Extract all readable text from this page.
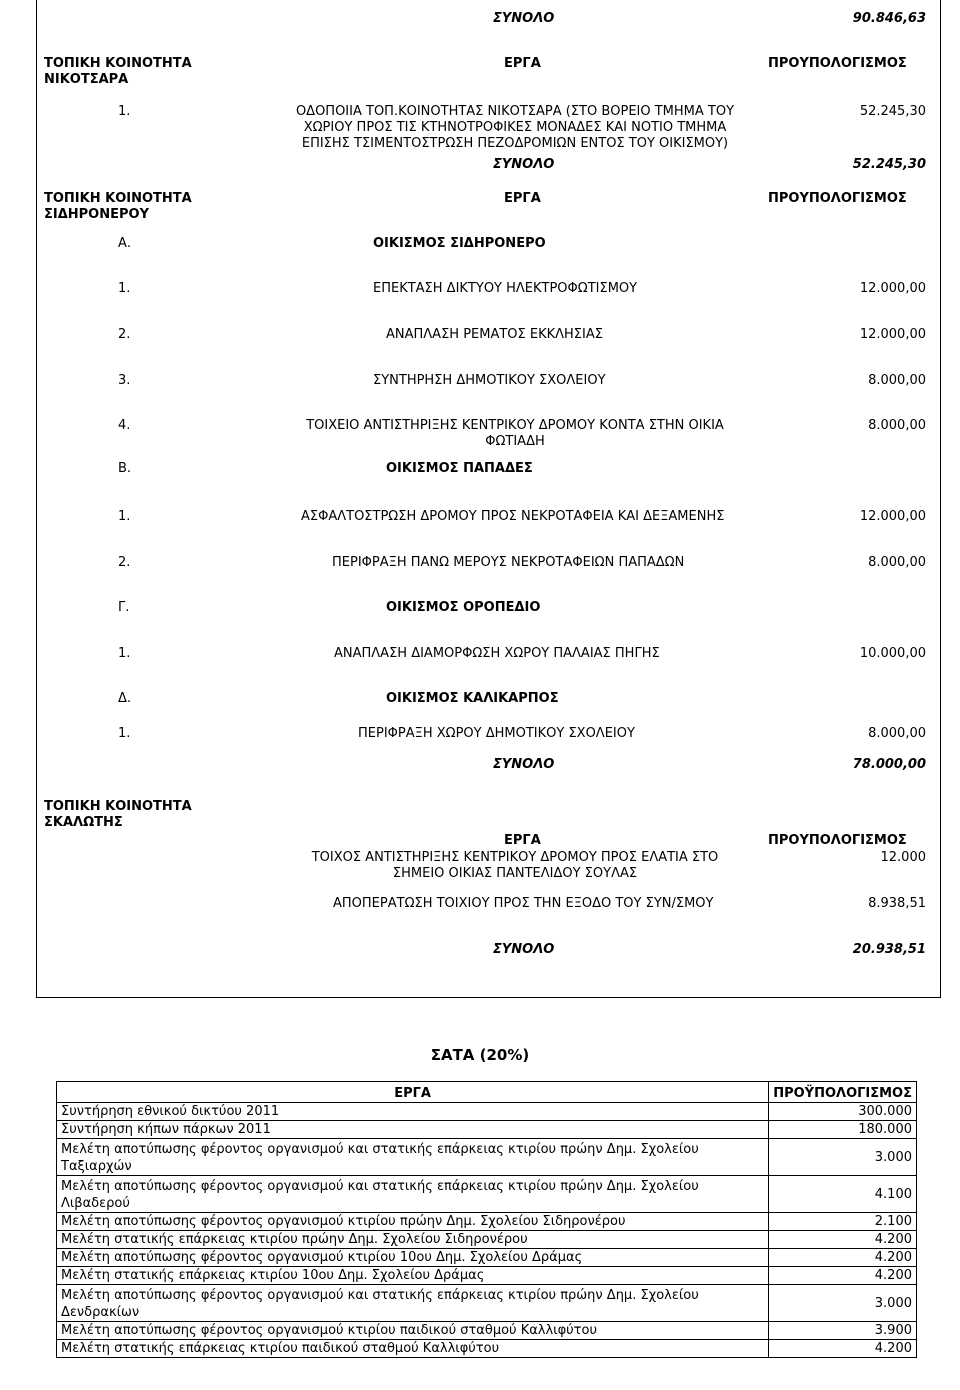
ΣΥΝΟΛΟ	90.846,63
ΤΟΠΙΚΗ ΚΟΙΝΟΤΗΤΑ
ΝΙΚΟΤΣΑΡΑ
ΕΡΓΑ	ΠΡΟΥΠΟΛΟΓΙΣΜΟΣ
1.	ΟΔΟΠΟΙΙΑ ΤΟΠ.ΚΟΙΝΟΤΗΤΑΣ ΝΙΚΟΤΣΑΡΑ (ΣΤΟ ΒΟΡΕΙΟ ΤΜΗΜΑ ΤΟΥ
ΧΩΡΙΟΥ ΠΡΟΣ ΤΙΣ ΚΤΗΝΟΤΡΟΦΙΚΕΣ ΜΟΝΑΔΕΣ ΚΑΙ ΝΟΤΙΟ ΤΜΗΜΑ
ΕΠΙΣΗΣ ΤΣΙΜΕΝΤΟΣΤΡΩΣΗ ΠΕΖΟΔΡΟΜΙΩΝ ΕΝΤΟΣ ΤΟΥ ΟΙΚΙΣΜΟΥ)
52.245,30
ΣΥΝΟΛΟ	52.245,30
ΤΟΠΙΚΗ ΚΟΙΝΟΤΗΤΑ
ΣΙΔΗΡΟΝΕΡΟΥ
ΕΡΓΑ	ΠΡΟΥΠΟΛΟΓΙΣΜΟΣ
Α.	ΟΙΚΙΣΜΟΣ ΣΙΔΗΡΟΝΕΡΟ
1.	ΕΠΕΚΤΑΣΗ ΔΙΚΤΥΟΥ ΗΛΕΚΤΡΟΦΩΤΙΣΜΟΥ	12.000,00
2.	ΑΝΑΠΛΑΣΗ ΡΕΜΑΤΟΣ ΕΚΚΛΗΣΙΑΣ	12.000,00
3.	ΣΥΝΤΗΡΗΣΗ ΔΗΜΟΤΙΚΟΥ ΣΧΟΛΕΙΟΥ	8.000,00
4.	ΤΟΙΧΕΙΟ ΑΝΤΙΣΤΗΡΙΞΗΣ ΚΕΝΤΡΙΚΟΥ ΔΡΟΜΟΥ ΚΟΝΤΑ ΣΤΗΝ ΟΙΚΙΑ
ΦΩΤΙΑΔΗ
8.000,00
Β.	ΟΙΚΙΣΜΟΣ ΠΑΠΑΔΕΣ
1.	ΑΣΦΑΛΤΟΣΤΡΩΣΗ ΔΡΟΜΟΥ ΠΡΟΣ ΝΕΚΡΟΤΑΦΕΙΑ ΚΑΙ ΔΕΞΑΜΕΝΗΣ	12.000,00
2.	ΠΕΡΙΦΡΑΞΗ ΠΑΝΩ ΜΕΡΟΥΣ ΝΕΚΡΟΤΑΦΕΙΩΝ ΠΑΠΑΔΩΝ	8.000,00
Γ.	ΟΙΚΙΣΜΟΣ ΟΡΟΠΕΔΙΟ
1.	ΑΝΑΠΛΑΣΗ ΔΙΑΜΟΡΦΩΣΗ ΧΩΡΟΥ ΠΑΛΑΙΑΣ ΠΗΓΗΣ	10.000,00
Δ.	ΟΙΚΙΣΜΟΣ ΚΑΛΙΚΑΡΠΟΣ
1.	ΠΕΡΙΦΡΑΞΗ ΧΩΡΟΥ ΔΗΜΟΤΙΚΟΥ ΣΧΟΛΕΙΟΥ	8.000,00
ΣΥΝΟΛΟ	78.000,00
ΤΟΠΙΚΗ ΚΟΙΝΟΤΗΤΑ
ΣΚΑΛΩΤΗΣ
ΕΡΓΑ	ΠΡΟΥΠΟΛΟΓΙΣΜΟΣ
ΤΟΙΧΟΣ ΑΝΤΙΣΤΗΡΙΞΗΣ ΚΕΝΤΡΙΚΟΥ ΔΡΟΜΟΥ ΠΡΟΣ ΕΛΑΤΙΑ ΣΤΟ
ΣΗΜΕΙΟ ΟΙΚΙΑΣ ΠΑΝΤΕΛΙΔΟΥ ΣΟΥΛΑΣ
12.000
ΑΠΟΠΕΡΑΤΩΣΗ ΤΟΙΧΙΟΥ ΠΡΟΣ ΤΗΝ ΕΞΟΔΟ ΤΟΥ ΣΥΝ/ΣΜΟΥ	8.938,51
ΣΥΝΟΛΟ	20.938,51
ΣΑΤΑ (20%)
ΕΡΓΑ	ΠΡΟΫΠΟΛΟΓΙΣΜΟΣ
Συντήρηση εθνικού δικτύου 2011	300.000
Συντήρηση κήπων πάρκων 2011	180.000

Μελέτη αποτύπωσης φέροντος οργανισμού και στατικής επάρκειας κτιρίου πρώην Δημ. Σχολείου
Ταξιαρχών	3.000

Μελέτη αποτύπωσης φέροντος οργανισμού και στατικής επάρκειας κτιρίου πρώην Δημ. Σχολείου
Λιβαδερού	4.100
Μελέτη αποτύπωσης φέροντος οργανισμού κτιρίου πρώην Δημ. Σχολείου Σιδηρονέρου	2.100
Μελέτη στατικής επάρκειας κτιρίου πρώην Δημ. Σχολείου Σιδηρονέρου	4.200
Μελέτη αποτύπωσης φέροντος οργανισμού κτιρίου 10ου Δημ. Σχολείου Δράμας	4.200
Μελέτη στατικής επάρκειας κτιρίου 10ου Δημ. Σχολείου Δράμας	4.200

Μελέτη αποτύπωσης φέροντος οργανισμού και στατικής επάρκειας κτιρίου πρώην Δημ. Σχολείου
Δενδρακίων	3.000
Μελέτη αποτύπωσης φέροντος οργανισμού κτιρίου παιδικού σταθμού Καλλιφύτου	3.900
Μελέτη στατικής επάρκειας κτιρίου παιδικού σταθμού Καλλιφύτου	4.200
